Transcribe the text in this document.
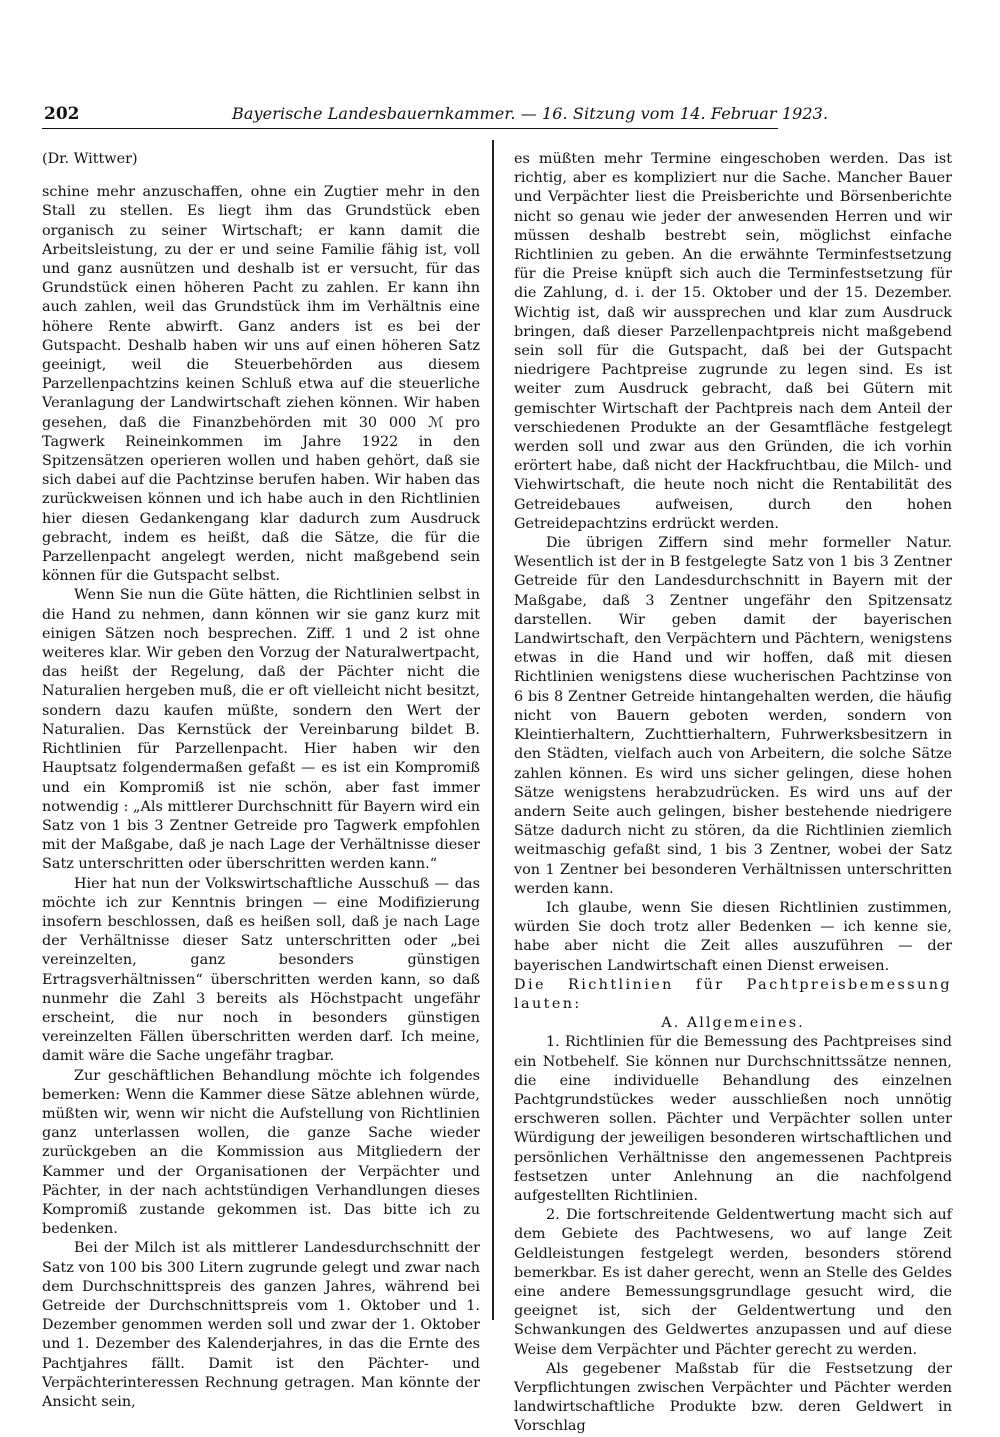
202	Bayerische Landesbauernkammer. — 16. Sitzung vom 14. Februar 1923.

(Dr. Wittwer)

schine mehr anzuschaffen, ohne ein Zugtier mehr in den Stall zu stellen. Es liegt ihm das Grundstück eben organisch zu seiner Wirtschaft; er kann damit die Arbeitsleistung, zu der er und seine Familie fähig ist, voll und ganz ausnützen und deshalb ist er versucht, für das Grundstück einen höheren Pacht zu zahlen. Er kann ihn auch zahlen, weil das Grundstück ihm im Verhältnis eine höhere Rente abwirft. Ganz anders ist es bei der Gutspacht. Deshalb haben wir uns auf einen höheren Satz geeinigt, weil die Steuerbehörden aus diesem Parzellenpachtzins keinen Schluß etwa auf die steuerliche Veranlagung der Landwirtschaft ziehen können. Wir haben gesehen, daß die Finanzbehörden mit 30 000 ℳ pro Tagwerk Reineinkommen im Jahre 1922 in den Spitzensätzen operieren wollen und haben gehört, daß sie sich dabei auf die Pachtzinse berufen haben. Wir haben das zurückweisen können und ich habe auch in den Richtlinien hier diesen Gedankengang klar dadurch zum Ausdruck gebracht, indem es heißt, daß die Sätze, die für die Parzellenpacht angelegt werden, nicht maßgebend sein können für die Gutspacht selbst.

Wenn Sie nun die Güte hätten, die Richtlinien selbst in die Hand zu nehmen, dann können wir sie ganz kurz mit einigen Sätzen noch besprechen. Ziff. 1 und 2 ist ohne weiteres klar. Wir geben den Vorzug der Naturalwertpacht, das heißt der Regelung, daß der Pächter nicht die Naturalien hergeben muß, die er oft vielleicht nicht besitzt, sondern dazu kaufen müßte, sondern den Wert der Naturalien. Das Kernstück der Vereinbarung bildet B. Richtlinien für Parzellenpacht. Hier haben wir den Hauptsatz folgendermaßen gefaßt — es ist ein Kompromiß und ein Kompromiß ist nie schön, aber fast immer notwendig : „Als mittlerer Durchschnitt für Bayern wird ein Satz von 1 bis 3 Zentner Getreide pro Tagwerk empfohlen mit der Maßgabe, daß je nach Lage der Verhältnisse dieser Satz unterschritten oder überschritten werden kann.“

Hier hat nun der Volkswirtschaftliche Ausschuß — das möchte ich zur Kenntnis bringen — eine Modifizierung insofern beschlossen, daß es heißen soll, daß je nach Lage der Verhältnisse dieser Satz unterschritten oder „bei vereinzelten, ganz besonders günstigen Ertragsverhältnissen“ überschritten werden kann, so daß nunmehr die Zahl 3 bereits als Höchstpacht ungefähr erscheint, die nur noch in besonders günstigen vereinzelten Fällen überschritten werden darf. Ich meine, damit wäre die Sache ungefähr tragbar.

Zur geschäftlichen Behandlung möchte ich folgendes bemerken: Wenn die Kammer diese Sätze ablehnen würde, müßten wir, wenn wir nicht die Aufstellung von Richtlinien ganz unterlassen wollen, die ganze Sache wieder zurückgeben an die Kommission aus Mitgliedern der Kammer und der Organisationen der Verpächter und Pächter, in der nach achtstündigen Verhandlungen dieses Kompromiß zustande gekommen ist. Das bitte ich zu bedenken.

Bei der Milch ist als mittlerer Landesdurchschnitt der Satz von 100 bis 300 Litern zugrunde gelegt und zwar nach dem Durchschnittspreis des ganzen Jahres, während bei Getreide der Durchschnittspreis vom 1. Oktober und 1. Dezember genommen werden soll und zwar der 1. Oktober und 1. Dezember des Kalenderjahres, in das die Ernte des Pachtjahres fällt. Damit ist den Pächter- und Verpächterinteressen Rechnung getragen. Man könnte der Ansicht sein,

es müßten mehr Termine eingeschoben werden. Das ist richtig, aber es kompliziert nur die Sache. Mancher Bauer und Verpächter liest die Preisberichte und Börsenberichte nicht so genau wie jeder der anwesenden Herren und wir müssen deshalb bestrebt sein, möglichst einfache Richtlinien zu geben. An die erwähnte Terminfestsetzung für die Preise knüpft sich auch die Terminfestsetzung für die Zahlung, d. i. der 15. Oktober und der 15. Dezember. Wichtig ist, daß wir aussprechen und klar zum Ausdruck bringen, daß dieser Parzellenpachtpreis nicht maßgebend sein soll für die Gutspacht, daß bei der Gutspacht niedrigere Pachtpreise zugrunde zu legen sind. Es ist weiter zum Ausdruck gebracht, daß bei Gütern mit gemischter Wirtschaft der Pachtpreis nach dem Anteil der verschiedenen Produkte an der Gesamtfläche festgelegt werden soll und zwar aus den Gründen, die ich vorhin erörtert habe, daß nicht der Hackfruchtbau, die Milch- und Viehwirtschaft, die heute noch nicht die Rentabilität des Getreidebaues aufweisen, durch den hohen Getreidepachtzins erdrückt werden.

Die übrigen Ziffern sind mehr formeller Natur. Wesentlich ist der in B festgelegte Satz von 1 bis 3 Zentner Getreide für den Landesdurchschnitt in Bayern mit der Maßgabe, daß 3 Zentner ungefähr den Spitzensatz darstellen. Wir geben damit der bayerischen Landwirtschaft, den Verpächtern und Pächtern, wenigstens etwas in die Hand und wir hoffen, daß mit diesen Richtlinien wenigstens diese wucherischen Pachtzinse von 6 bis 8 Zentner Getreide hintangehalten werden, die häufig nicht von Bauern geboten werden, sondern von Kleintierhaltern, Zuchttierhaltern, Fuhrwerksbesitzern in den Städten, vielfach auch von Arbeitern, die solche Sätze zahlen können. Es wird uns sicher gelingen, diese hohen Sätze wenigstens herabzudrücken. Es wird uns auf der andern Seite auch gelingen, bisher bestehende niedrigere Sätze dadurch nicht zu stören, da die Richtlinien ziemlich weitmaschig gefaßt sind, 1 bis 3 Zentner, wobei der Satz von 1 Zentner bei besonderen Verhältnissen unterschritten werden kann.

Ich glaube, wenn Sie diesen Richtlinien zustimmen, würden Sie doch trotz aller Bedenken — ich kenne sie, habe aber nicht die Zeit alles auszuführen — der bayerischen Landwirtschaft einen Dienst erweisen.

Die Richtlinien für Pachtpreisbemessung lauten:

A. Allgemeines.

1. Richtlinien für die Bemessung des Pachtpreises sind ein Notbehelf. Sie können nur Durchschnittssätze nennen, die eine individuelle Behandlung des einzelnen Pachtgrundstückes weder ausschließen noch unnötig erschweren sollen. Pächter und Verpächter sollen unter Würdigung der jeweiligen besonderen wirtschaftlichen und persönlichen Verhältnisse den angemessenen Pachtpreis festsetzen unter Anlehnung an die nachfolgend aufgestellten Richtlinien.

2. Die fortschreitende Geldentwertung macht sich auf dem Gebiete des Pachtwesens, wo auf lange Zeit Geldleistungen festgelegt werden, besonders störend bemerkbar. Es ist daher gerecht, wenn an Stelle des Geldes eine andere Bemessungsgrundlage gesucht wird, die geeignet ist, sich der Geldentwertung und den Schwankungen des Geldwertes anzupassen und auf diese Weise dem Verpächter und Pächter gerecht zu werden.

Als gegebener Maßstab für die Festsetzung der Verpflichtungen zwischen Verpächter und Pächter werden landwirtschaftliche Produkte bzw. deren Geldwert in Vorschlag
